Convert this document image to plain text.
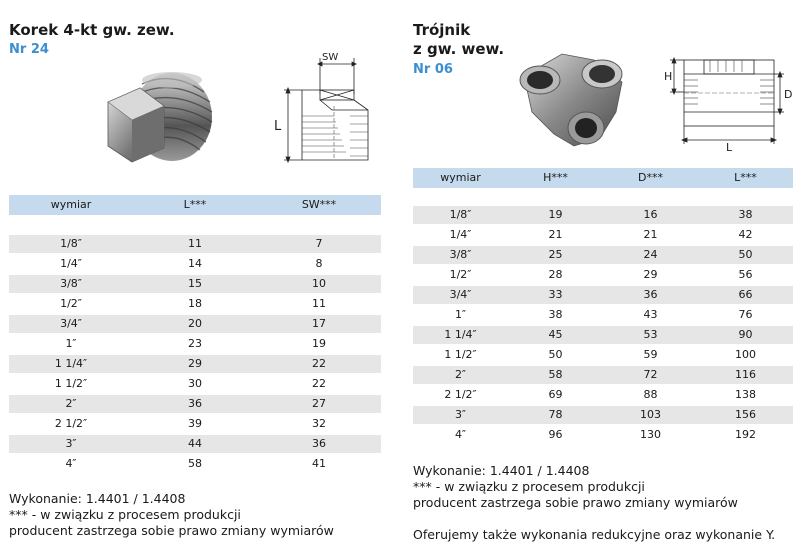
Korek 4-kt gw. zew.
Nr 24
SW
L
wymiar	L***	SW***
1/8″	11	7
1/4″	14	8
3/8″	15	10
1/2″	18	11
3/4″	20	17
1″	23	19
1 1/4″	29	22
1 1/2″	30	22
2″	36	27
2 1/2″	39	32
3″	44	36
4″	58	41
Wykonanie: 1.4401 / 1.4408
*** - w związku z procesem produkcji
producent zastrzega sobie prawo zmiany wymiarów
Trójnik
z gw. wew.
Nr 06	H
D
L
wymiar	H***	D***	L***
1/8″	19	16	38
1/4″	21	21	42
3/8″	25	24	50
1/2″	28	29	56
3/4″	33	36	66
1″	38	43	76
1 1/4″	45	53	90
1 1/2″	50	59	100
2″	58	72	116
2 1/2″	69	88	138
3″	78	103	156
4″	96	130	192
Wykonanie: 1.4401 / 1.4408
*** - w związku z procesem produkcji
producent zastrzega sobie prawo zmiany wymiarów
Oferujemy także wykonania redukcyjne oraz wykonanie Y.
